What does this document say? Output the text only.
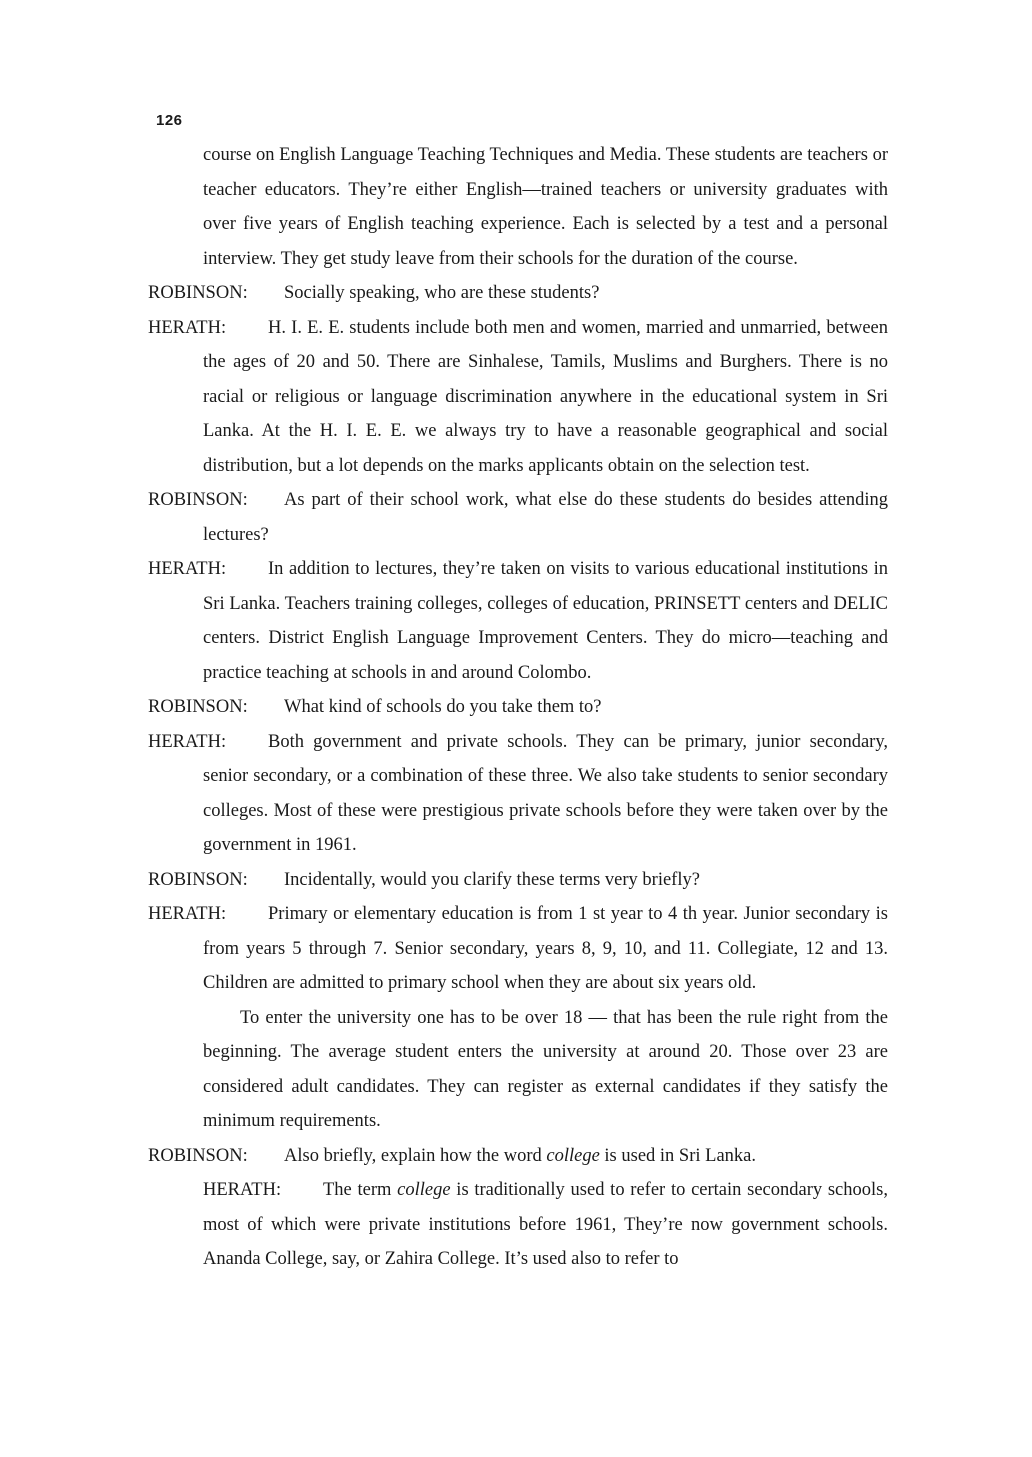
126

course on English Language Teaching Techniques and Media. These students are teachers or teacher educators. They’re either English—trained teachers or university graduates with over five years of English teaching experience. Each is selected by a test and a personal interview. They get study leave from their schools for the duration of the course.

ROBINSON: Socially speaking, who are these students?

HERATH: H. I. E. E. students include both men and women, married and unmarried, between the ages of 20 and 50. There are Sinhalese, Tamils, Muslims and Burghers. There is no racial or religious or language discrimination anywhere in the educational system in Sri Lanka. At the H. I. E. E. we always try to have a reasonable geographical and social distribution, but a lot depends on the marks applicants obtain on the selection test.

ROBINSON: As part of their school work, what else do these students do besides attending lectures?

HERATH: In addition to lectures, they’re taken on visits to various educational institutions in Sri Lanka. Teachers training colleges, colleges of education, PRINSETT centers and DELIC centers. District English Language Improvement Centers. They do micro—teaching and practice teaching at schools in and around Colombo.

ROBINSON: What kind of schools do you take them to?

HERATH: Both government and private schools. They can be primary, junior secondary, senior secondary, or a combination of these three. We also take students to senior secondary colleges. Most of these were prestigious private schools before they were taken over by the government in 1961.

ROBINSON: Incidentally, would you clarify these terms very briefly?

HERATH: Primary or elementary education is from 1 st year to 4 th year. Junior secondary is from years 5 through 7. Senior secondary, years 8, 9, 10, and 11. Collegiate, 12 and 13. Children are admitted to primary school when they are about six years old.

To enter the university one has to be over 18 — that has been the rule right from the beginning. The average student enters the university at around 20. Those over 23 are considered adult candidates. They can register as external candidates if they satisfy the minimum requirements.

ROBINSON: Also briefly, explain how the word college is used in Sri Lanka.

HERATH: The term college is traditionally used to refer to certain secondary schools, most of which were private institutions before 1961, They’re now government schools. Ananda College, say, or Zahira College. It’s used also to refer to
